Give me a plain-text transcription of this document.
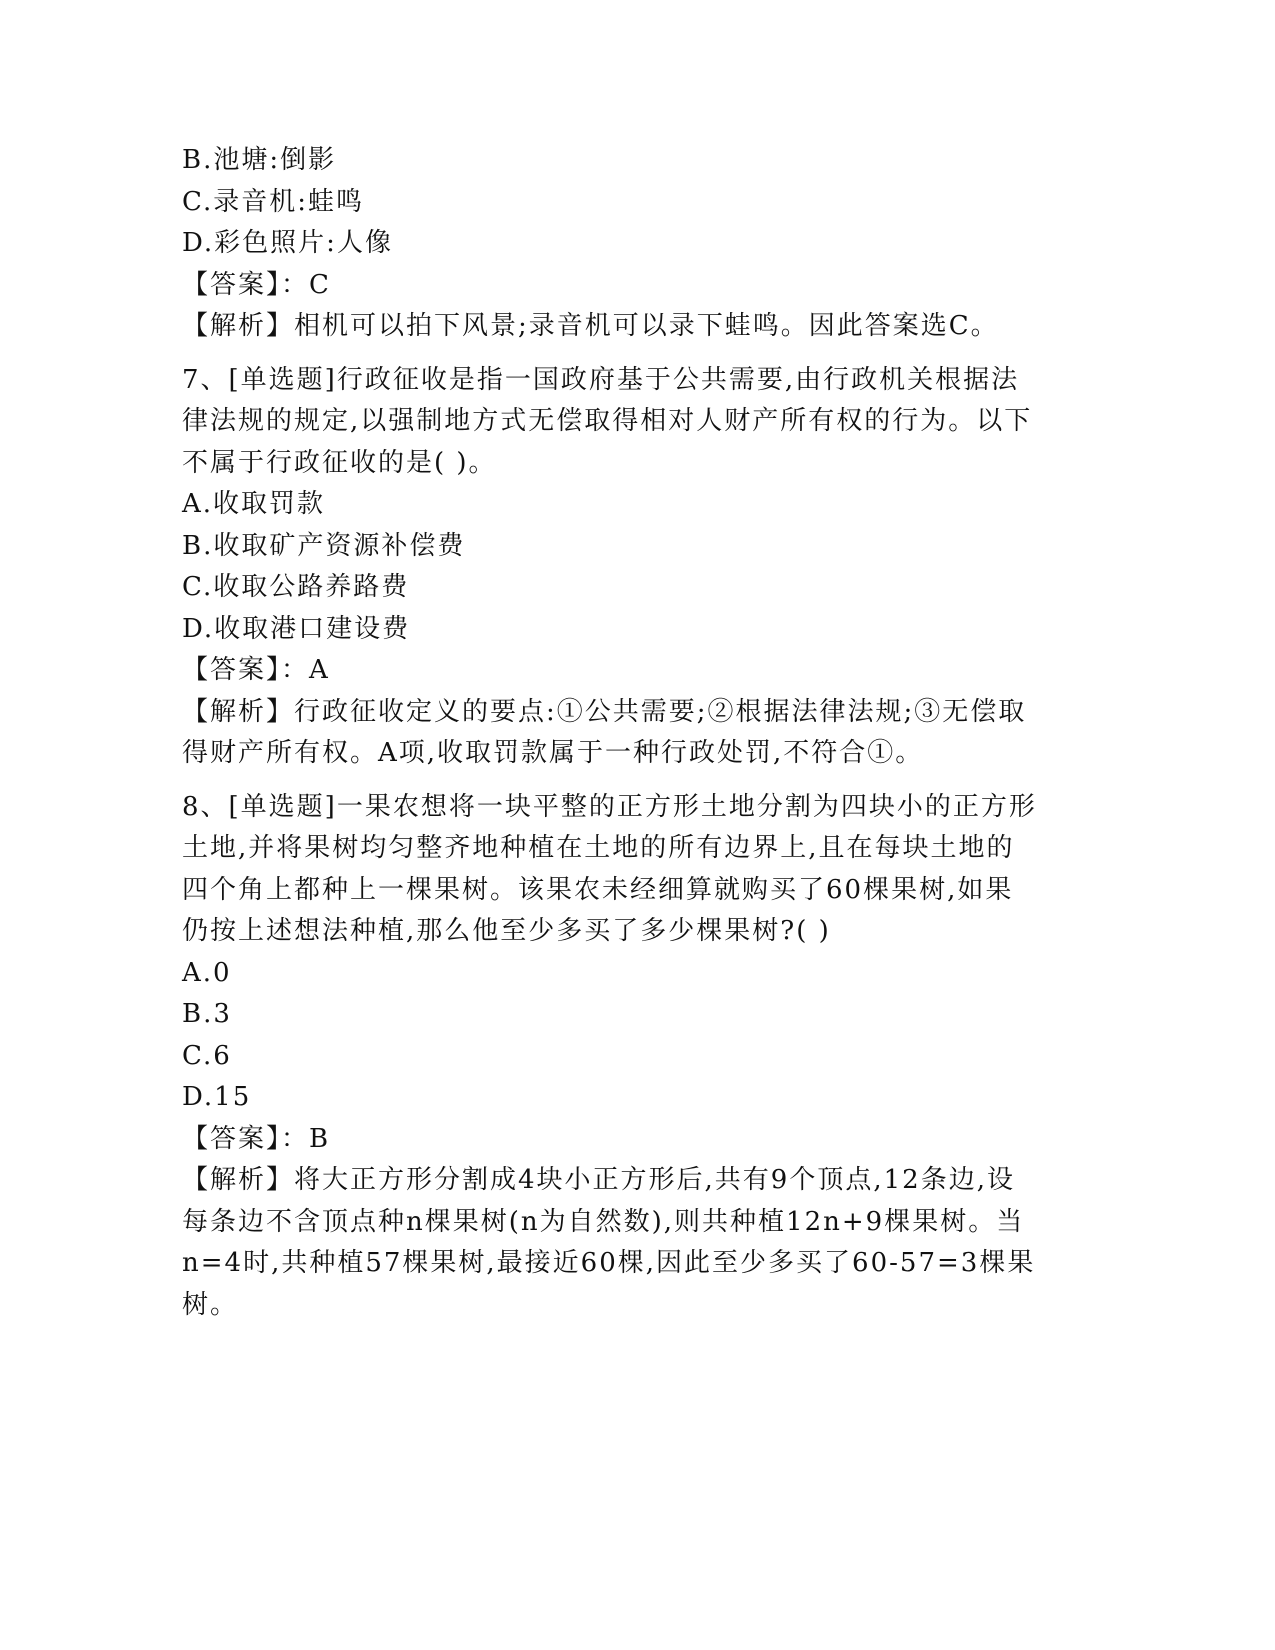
B.池塘:倒影
C.录音机:蛙鸣
D.彩色照片:人像
【答案】：C
【解析】相机可以拍下风景;录音机可以录下蛙鸣。因此答案选C。
7、[单选题]行政征收是指一国政府基于公共需要,由行政机关根据法
律法规的规定,以强制地方式无偿取得相对人财产所有权的行为。以下
不属于行政征收的是( )。
A.收取罚款
B.收取矿产资源补偿费
C.收取公路养路费
D.收取港口建设费
【答案】：A
【解析】行政征收定义的要点:①公共需要;②根据法律法规;③无偿取
得财产所有权。A项,收取罚款属于一种行政处罚,不符合①。
8、[单选题]一果农想将一块平整的正方形土地分割为四块小的正方形
土地,并将果树均匀整齐地种植在土地的所有边界上,且在每块土地的
四个角上都种上一棵果树。该果农未经细算就购买了60棵果树,如果
仍按上述想法种植,那么他至少多买了多少棵果树?( )
A.0
B.3
C.6
D.15
【答案】：B
【解析】将大正方形分割成4块小正方形后,共有9个顶点,12条边,设
每条边不含顶点种n棵果树(n为自然数),则共种植12n+9棵果树。当
n=4时,共种植57棵果树,最接近60棵,因此至少多买了60-57=3棵果
树。
